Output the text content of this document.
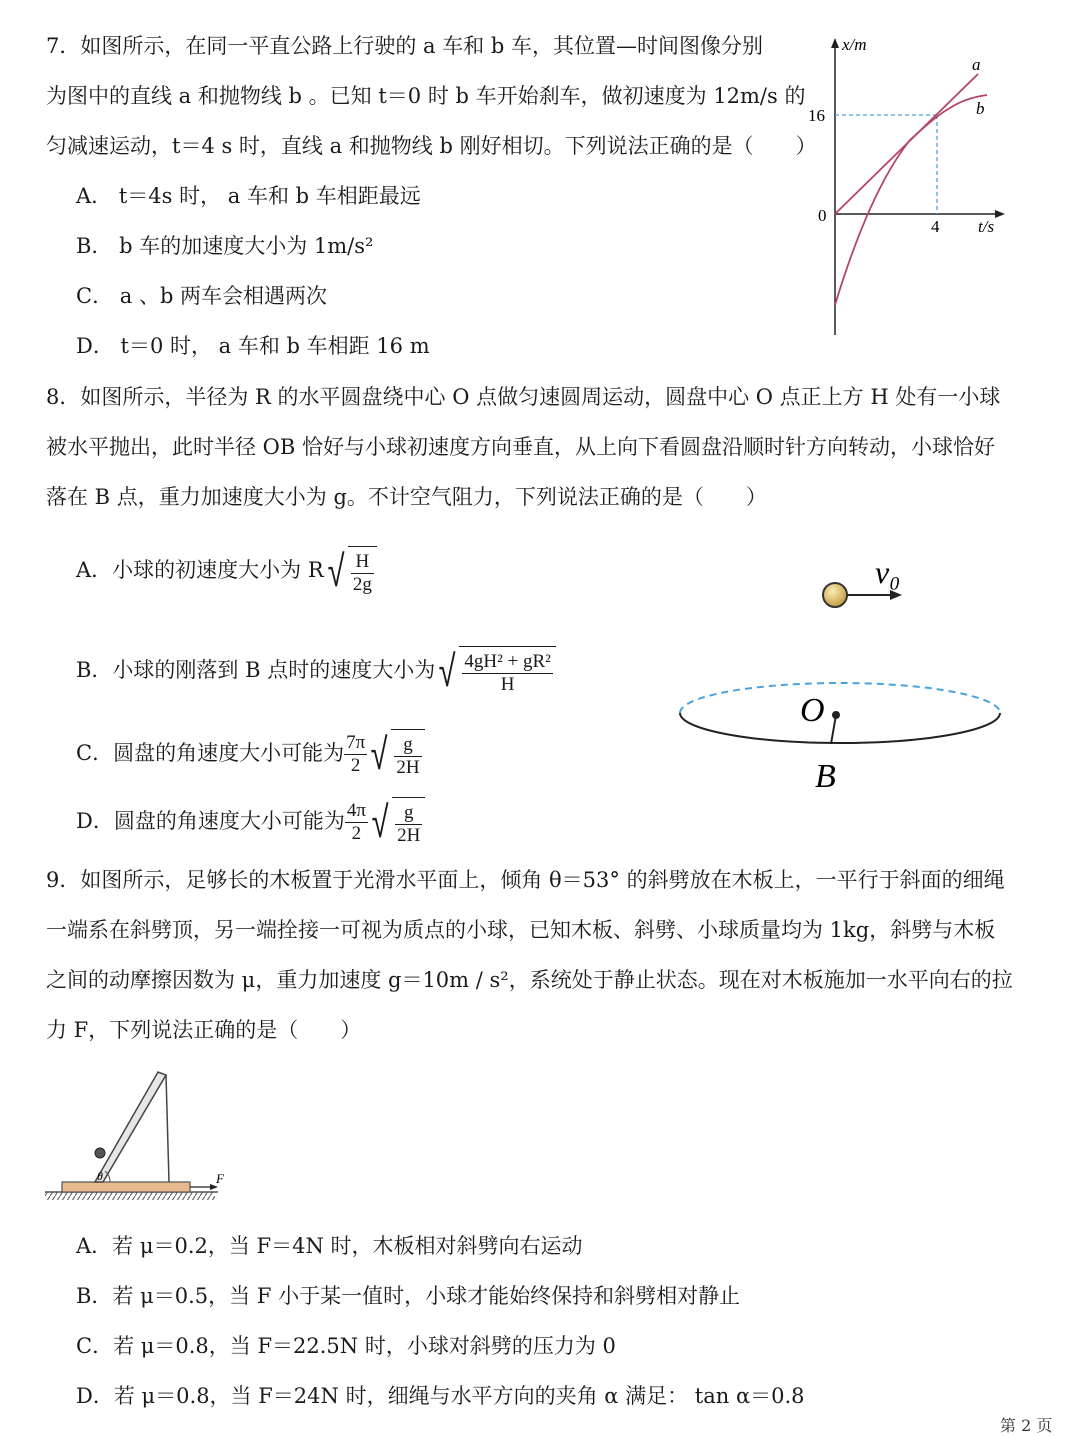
7．如图所示，在同一平直公路上行驶的 a 车和 b 车，其位置—时间图像分别
为图中的直线 a 和抛物线 b 。已知 t＝0 时 b 车开始刹车，做初速度为 12m/s 的
匀减速运动，t＝4 s 时，直线 a 和抛物线 b 刚好相切。下列说法正确的是（　　）
A． t＝4s 时， a 车和 b 车相距最远
B． b 车的加速度大小为 1m/s²
C． a 、b 两车会相遇两次
D． t＝0 时， a 车和 b 车相距 16 m
x/m
t/s
16
4
0
a
b
8．如图所示，半径为 R 的水平圆盘绕中心 O 点做匀速圆周运动，圆盘中心 O 点正上方 H 处有一小球
被水平抛出，此时半径 OB 恰好与小球初速度方向垂直，从上向下看圆盘沿顺时针方向转动，小球恰好
落在 B 点，重力加速度大小为 g。不计空气阻力，下列说法正确的是（　　）
A．小球的初速度大小为 R √ $\frac{H}{2g}$
B．小球的刚落到 B 点时的速度大小为 √ $\frac{\text{4gH² + gR²}}{H}$
C．圆盘的角速度大小可能为 $\frac{7\pi}{2}$ √ $\frac{g}{2H}$
D．圆盘的角速度大小可能为 $\frac{4\pi}{2}$ √ $\frac{g}{2H}$
v₀
O
B
9．如图所示，足够长的木板置于光滑水平面上，倾角 θ＝53° 的斜劈放在木板上，一平行于斜面的细绳
一端系在斜劈顶，另一端拴接一可视为质点的小球，已知木板、斜劈、小球质量均为 1kg，斜劈与木板
之间的动摩擦因数为 μ，重力加速度 g＝10m / s²，系统处于静止状态。现在对木板施加一水平向右的拉
力 F，下列说法正确的是（　　）
θ	F
A．若 μ＝0.2，当 F＝4N 时，木板相对斜劈向右运动
B．若 μ＝0.5，当 F 小于某一值时，小球才能始终保持和斜劈相对静止
C．若 μ＝0.8，当 F＝22.5N 时，小球对斜劈的压力为 0
D．若 μ＝0.8，当 F＝24N 时，细绳与水平方向的夹角 α 满足： tan α＝0.8
第 2 页
